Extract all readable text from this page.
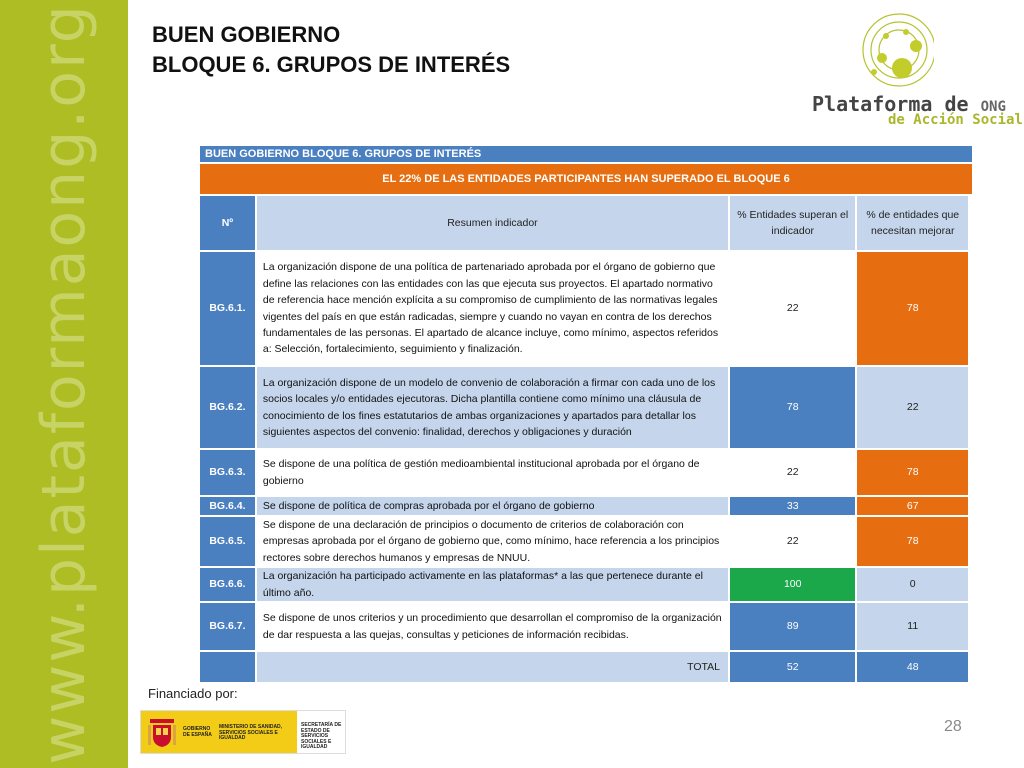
www.plataformaong.org BUEN GOBIERNO
BLOQUE 6. GRUPOS DE INTERÉS
Plataforma de ONG
de Acción Social
BUEN GOBIERNO BLOQUE 6. GRUPOS DE INTERÉS
EL 22% DE LAS ENTIDADES PARTICIPANTES HAN SUPERADO EL BLOQUE 6
Nº	Resumen indicador	% Entidades superan el indicador	% de entidades que necesitan mejorar
BG.6.1.	La organización dispone de una política de partenariado aprobada por el órgano de gobierno que define las relaciones con las entidades con las que ejecuta sus proyectos. El apartado normativo de referencia hace mención explícita a su compromiso de cumplimiento de las normativas legales vigentes del país en que están radicadas, siempre y cuando no vayan en contra de los derechos fundamentales de las personas. El apartado de alcance incluye, como mínimo, aspectos referidos a: Selección, fortalecimiento, seguimiento y finalización.	22	78
BG.6.2.	La organización dispone de un modelo de convenio de colaboración a firmar con cada uno de los socios locales y/o entidades ejecutoras. Dicha plantilla contiene como mínimo una cláusula de conocimiento de los fines estatutarios de ambas organizaciones y apartados para detallar los siguientes aspectos del convenio: finalidad, derechos y obligaciones y duración	78	22
BG.6.3.	Se dispone de una política de gestión medioambiental institucional aprobada por el órgano de gobierno	22	78
BG.6.4.	Se dispone de política de compras aprobada por el órgano de gobierno	33	67
BG.6.5.	Se dispone de una declaración de principios o documento de criterios de colaboración con empresas aprobada por el órgano de gobierno que, como mínimo, hace referencia a los principios rectores sobre derechos humanos y empresas de NNUU.	22	78
BG.6.6.	La organización ha participado activamente en las plataformas* a las que pertenece durante el último año.	100	0
BG.6.7.	Se dispone de unos criterios y un procedimiento que desarrollan el compromiso de la organización de dar respuesta a las quejas, consultas y peticiones de información recibidas.	89	11
	TOTAL	52	48
Financiado por:
GOBIERNO DE ESPAÑA
MINISTERIO DE SANIDAD, SERVICIOS SOCIALES E IGUALDAD
SECRETARÍA DE ESTADO DE SERVICIOS SOCIALES E IGUALDAD
28
